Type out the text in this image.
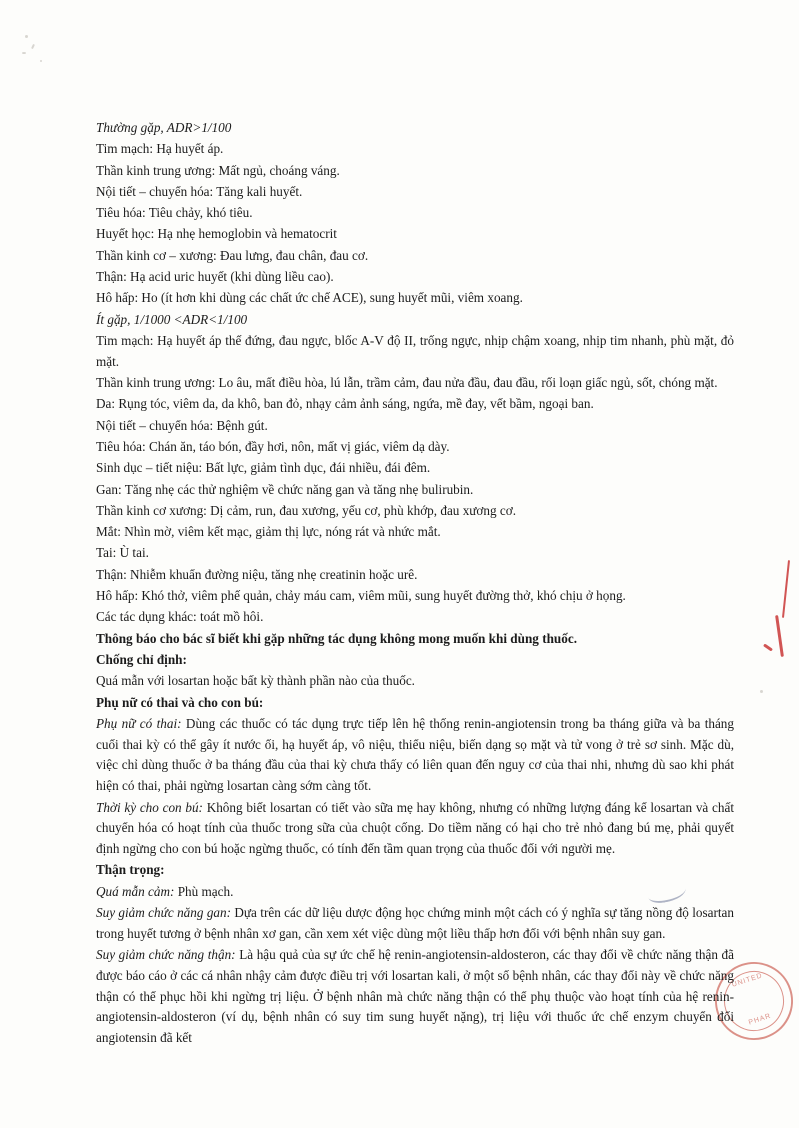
UNITED
PHAR

Thường gặp, ADR>1/100

Tim mạch: Hạ huyết áp.

Thần kinh trung ương: Mất ngủ, choáng váng.

Nội tiết – chuyển hóa: Tăng kali huyết.

Tiêu hóa: Tiêu chảy, khó tiêu.

Huyết học: Hạ nhẹ hemoglobin và hematocrit

Thần kinh cơ – xương: Đau lưng, đau chân, đau cơ.

Thận: Hạ acid uric huyết (khi dùng liều cao).

Hô hấp: Ho (ít hơn khi dùng các chất ức chế ACE), sung huyết mũi, viêm xoang.

Ít gặp, 1/1000 <ADR<1/100

Tim mạch: Hạ huyết áp thế đứng, đau ngực, blốc A-V độ II, trống ngực, nhịp chậm xoang, nhịp tim nhanh, phù mặt, đỏ mặt.

Thần kinh trung ương: Lo âu, mất điều hòa, lú lẫn, trầm cảm, đau nửa đầu, đau đầu, rối loạn giấc ngủ, sốt, chóng mặt.

Da: Rụng tóc, viêm da, da khô, ban đỏ, nhạy cảm ảnh sáng, ngứa, mề đay, vết bầm, ngoại ban.

Nội tiết – chuyển hóa: Bệnh gút.

Tiêu hóa: Chán ăn, táo bón, đầy hơi, nôn, mất vị giác, viêm dạ dày.

Sinh dục – tiết niệu: Bất lực, giảm tình dục, đái nhiều, đái đêm.

Gan: Tăng nhẹ các thử nghiệm về chức năng gan và tăng nhẹ bulirubin.

Thần kinh cơ xương: Dị cảm, run, đau xương, yếu cơ, phù khớp, đau xương cơ.

Mắt: Nhìn mờ, viêm kết mạc, giảm thị lực, nóng rát và nhức mắt.

Tai: Ù tai.

Thận: Nhiễm khuẩn đường niệu, tăng nhẹ creatinin hoặc urê.

Hô hấp: Khó thở, viêm phế quản, chảy máu cam, viêm mũi, sung huyết đường thở, khó chịu ở họng.

Các tác dụng khác: toát mồ hôi.

Thông báo cho bác sĩ biết khi gặp những tác dụng không mong muốn khi dùng thuốc.

Chống chỉ định:

Quá mẫn với losartan hoặc bất kỳ thành phần nào của thuốc.

Phụ nữ có thai và cho con bú:

Phụ nữ có thai: Dùng các thuốc có tác dụng trực tiếp lên hệ thống renin-angiotensin trong ba tháng giữa và ba tháng cuối thai kỳ có thể gây ít nước ối, hạ huyết áp, vô niệu, thiểu niệu, biến dạng sọ mặt và tử vong ở trẻ sơ sinh. Mặc dù, việc chỉ dùng thuốc ở ba tháng đầu của thai kỳ chưa thấy có liên quan đến nguy cơ của thai nhi, nhưng dù sao khi phát hiện có thai, phải ngừng losartan càng sớm càng tốt.

Thời kỳ cho con bú: Không biết losartan có tiết vào sữa mẹ hay không, nhưng có những lượng đáng kể losartan và chất chuyển hóa có hoạt tính của thuốc trong sữa của chuột cống. Do tiềm năng có hại cho trẻ nhỏ đang bú mẹ, phải quyết định ngừng cho con bú hoặc ngừng thuốc, có tính đến tầm quan trọng của thuốc đối với người mẹ.

Thận trọng:

Quá mẫn cảm: Phù mạch.

Suy giảm chức năng gan: Dựa trên các dữ liệu dược động học chứng minh một cách có ý nghĩa sự tăng nồng độ losartan trong huyết tương ở bệnh nhân xơ gan, cần xem xét việc dùng một liều thấp hơn đối với bệnh nhân suy gan.

Suy giảm chức năng thận: Là hậu quả của sự ức chế hệ renin-angiotensin-aldosteron, các thay đổi về chức năng thận đã được báo cáo ở các cá nhân nhậy cảm được điều trị với losartan kali, ở một số bệnh nhân, các thay đổi này về chức năng thận có thể phục hồi khi ngừng trị liệu. Ở bệnh nhân mà chức năng thận có thể phụ thuộc vào hoạt tính của hệ renin-angiotensin-aldosteron (ví dụ, bệnh nhân có suy tim sung huyết nặng), trị liệu với thuốc ức chế enzym chuyển đổi angiotensin đã kết
